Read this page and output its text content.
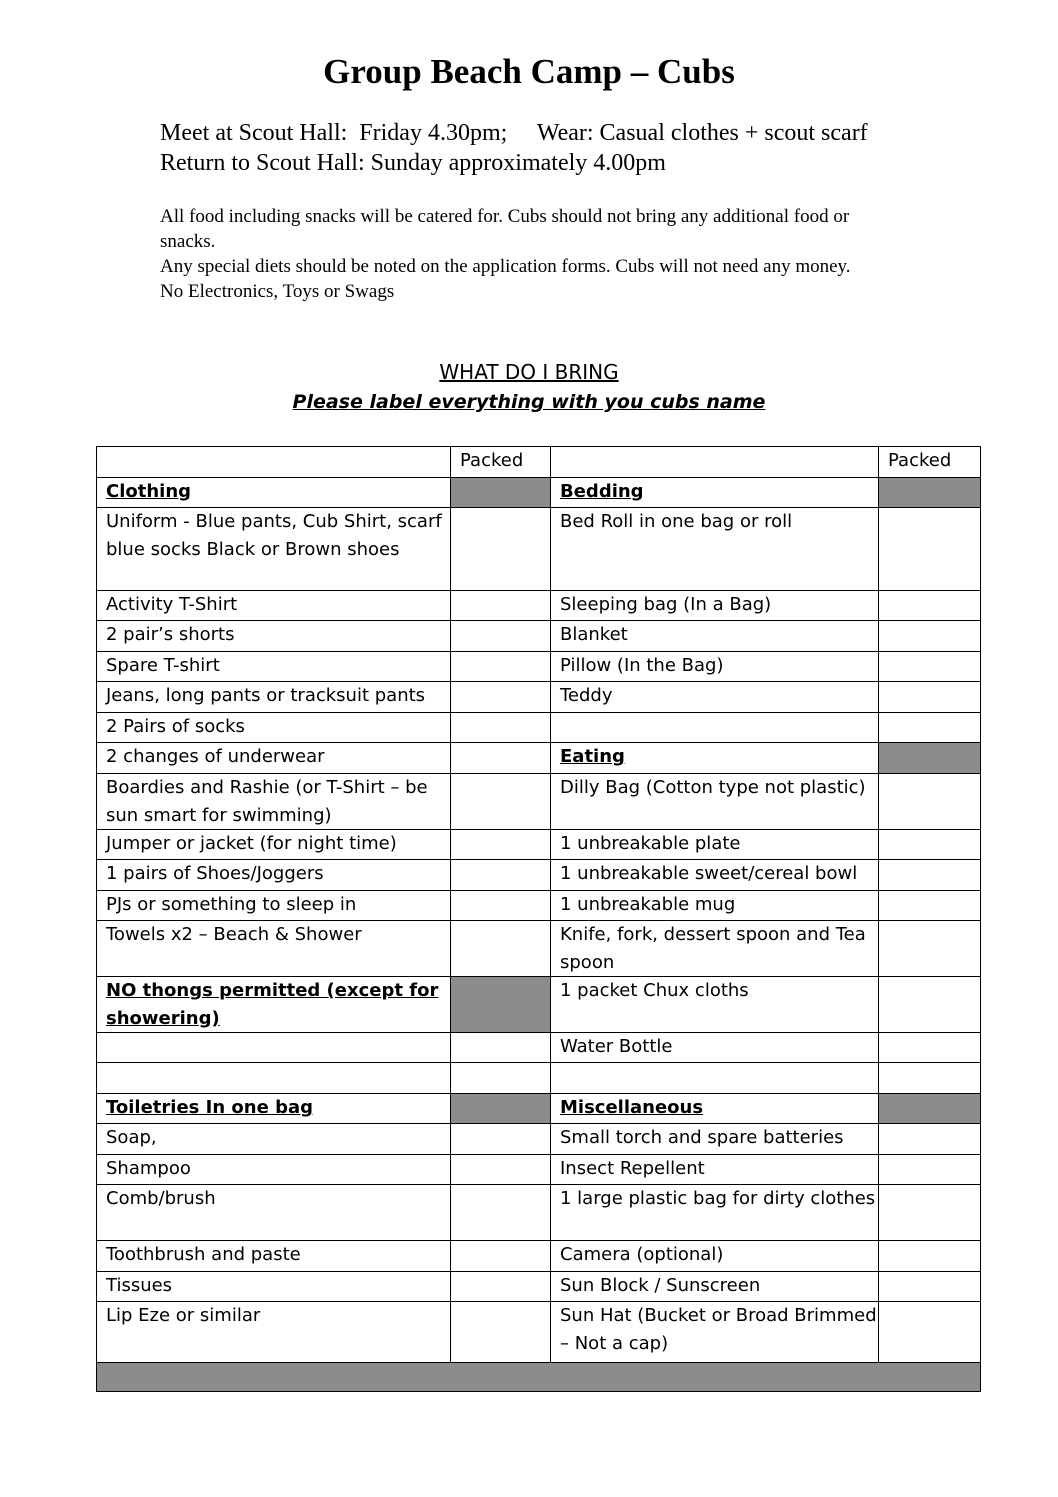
Group Beach Camp – Cubs
Meet at Scout Hall:  Friday 4.30pm;     Wear: Casual clothes + scout scarf
Return to Scout Hall: Sunday approximately 4.00pm

All food including snacks will be catered for. Cubs should not bring any additional food or snacks.

Any special diets should be noted on the application forms. Cubs will not need any money.

No Electronics, Toys or Swags

WHAT DO I BRING
Please label everything with you cubs name
	Packed		Packed
Clothing		Bedding	
Uniform - Blue pants, Cub Shirt, scarf blue socks Black or Brown shoes		Bed Roll in one bag or roll	
Activity T-Shirt		Sleeping bag (In a Bag)	
2 pair’s shorts		Blanket	
Spare T-shirt		Pillow (In the Bag)	
Jeans, long pants or tracksuit pants		Teddy	
2 Pairs of socks			
2 changes of underwear		Eating	
Boardies and Rashie (or T-Shirt – be sun smart for swimming)		Dilly Bag (Cotton type not plastic)	
Jumper or jacket (for night time)		1 unbreakable plate	
1 pairs of Shoes/Joggers		1 unbreakable sweet/cereal bowl	
PJs or something to sleep in		1 unbreakable mug	
Towels x2 – Beach & Shower		Knife, fork, dessert spoon and Tea spoon	
NO thongs permitted (except for showering)		1 packet Chux cloths	
		Water Bottle	

Toiletries In one bag		Miscellaneous	
Soap,		Small torch and spare batteries	
Shampoo		Insect Repellent	
Comb/brush		1 large plastic bag for dirty clothes	
Toothbrush and paste		Camera (optional)	
Tissues		Sun Block / Sunscreen	
Lip Eze or similar		Sun Hat (Bucket or Broad Brimmed – Not a cap)	
